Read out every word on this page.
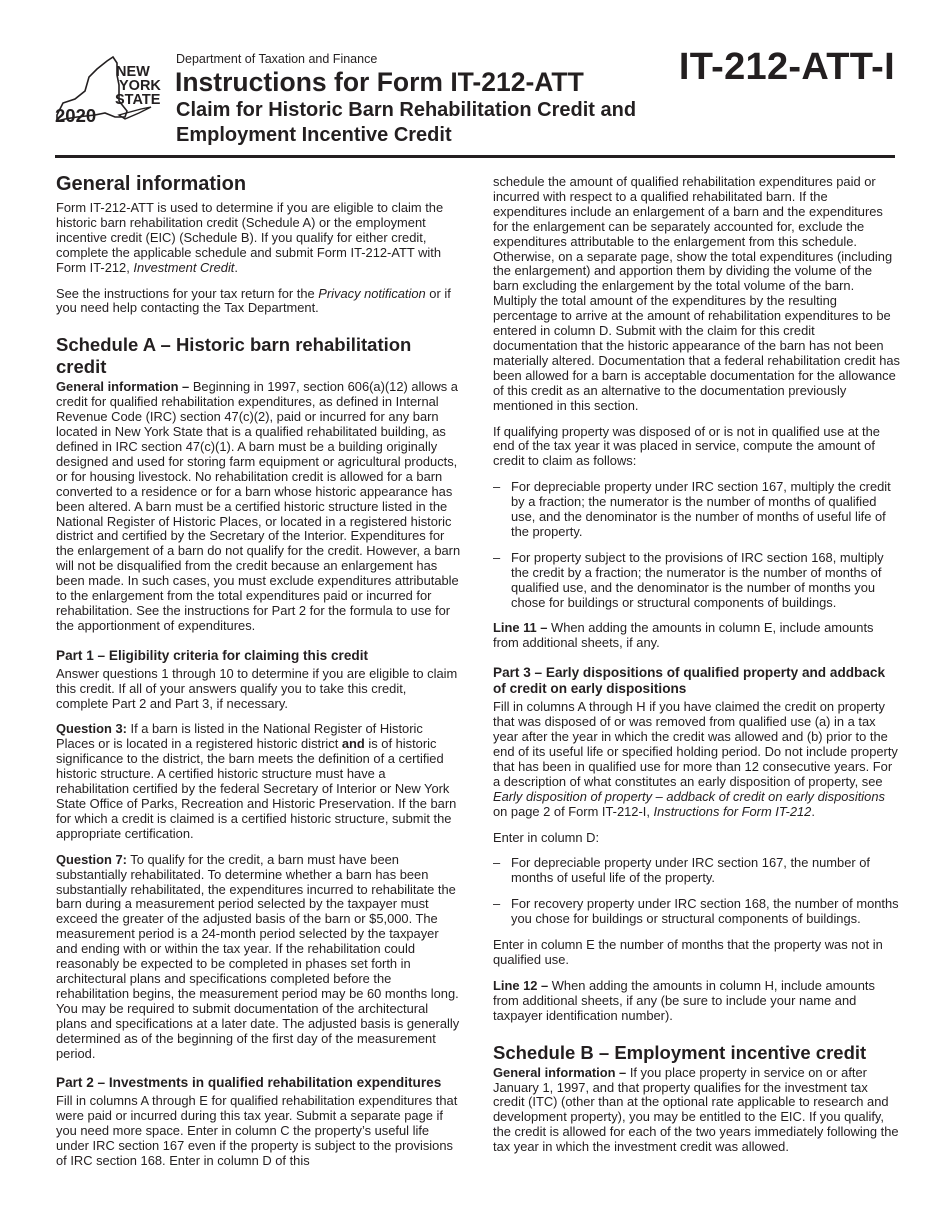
NEW
YORK
STATE
2020
Department of Taxation and Finance
Instructions for Form IT-212-ATT
Claim for Historic Barn Rehabilitation Credit and Employment Incentive Credit
IT-212-ATT-I
General information

Form IT-212-ATT is used to determine if you are eligible to claim the historic barn rehabilitation credit (Schedule A) or the employment incentive credit (EIC) (Schedule B). If you qualify for either credit, complete the applicable schedule and submit Form IT-212-ATT with Form IT-212, Investment Credit.

See the instructions for your tax return for the Privacy notification or if you need help contacting the Tax Department.

Schedule A – Historic barn rehabilitation credit

General information – Beginning in 1997, section 606(a)(12) allows a credit for qualified rehabilitation expenditures, as defined in Internal Revenue Code (IRC) section 47(c)(2), paid or incurred for any barn located in New York State that is a qualified rehabilitated building, as defined in IRC section 47(c)(1). A barn must be a building originally designed and used for storing farm equipment or agricultural products, or for housing livestock. No rehabilitation credit is allowed for a barn converted to a residence or for a barn whose historic appearance has been altered. A barn must be a certified historic structure listed in the National Register of Historic Places, or located in a registered historic district and certified by the Secretary of the Interior. Expenditures for the enlargement of a barn do not qualify for the credit. However, a barn will not be disqualified from the credit because an enlargement has been made. In such cases, you must exclude expenditures attributable to the enlargement from the total expenditures paid or incurred for rehabilitation. See the instructions for Part 2 for the formula to use for the apportionment of expenditures.

Part 1 – Eligibility criteria for claiming this credit

Answer questions 1 through 10 to determine if you are eligible to claim this credit. If all of your answers qualify you to take this credit, complete Part 2 and Part 3, if necessary.

Question 3: If a barn is listed in the National Register of Historic Places or is located in a registered historic district and is of historic significance to the district, the barn meets the definition of a certified historic structure. A certified historic structure must have a rehabilitation certified by the federal Secretary of Interior or New York State Office of Parks, Recreation and Historic Preservation. If the barn for which a credit is claimed is a certified historic structure, submit the appropriate certification.

Question 7: To qualify for the credit, a barn must have been substantially rehabilitated. To determine whether a barn has been substantially rehabilitated, the expenditures incurred to rehabilitate the barn during a measurement period selected by the taxpayer must exceed the greater of the adjusted basis of the barn or $5,000. The measurement period is a 24-month period selected by the taxpayer and ending with or within the tax year. If the rehabilitation could reasonably be expected to be completed in phases set forth in architectural plans and specifications completed before the rehabilitation begins, the measurement period may be 60 months long. You may be required to submit documentation of the architectural plans and specifications at a later date. The adjusted basis is generally determined as of the beginning of the first day of the measurement period.

Part 2 – Investments in qualified rehabilitation expenditures

Fill in columns A through E for qualified rehabilitation expenditures that were paid or incurred during this tax year. Submit a separate page if you need more space. Enter in column C the property’s useful life under IRC section 167 even if the property is subject to the provisions of IRC section 168. Enter in column D of this

schedule the amount of qualified rehabilitation expenditures paid or incurred with respect to a qualified rehabilitated barn. If the expenditures include an enlargement of a barn and the expenditures for the enlargement can be separately accounted for, exclude the expenditures attributable to the enlargement from this schedule. Otherwise, on a separate page, show the total expenditures (including the enlargement) and apportion them by dividing the volume of the barn excluding the enlargement by the total volume of the barn. Multiply the total amount of the expenditures by the resulting percentage to arrive at the amount of rehabilitation expenditures to be entered in column D. Submit with the claim for this credit documentation that the historic appearance of the barn has not been materially altered. Documentation that a federal rehabilitation credit has been allowed for a barn is acceptable documentation for the allowance of this credit as an alternative to the documentation previously mentioned in this section.

If qualifying property was disposed of or is not in qualified use at the end of the tax year it was placed in service, compute the amount of credit to claim as follows:

– For depreciable property under IRC section 167, multiply the credit by a fraction; the numerator is the number of months of qualified use, and the denominator is the number of months of useful life of the property.
– For property subject to the provisions of IRC section 168, multiply the credit by a fraction; the numerator is the number of months of qualified use, and the denominator is the number of months you chose for buildings or structural components of buildings.

Line 11 – When adding the amounts in column E, include amounts from additional sheets, if any.

Part 3 – Early dispositions of qualified property and addback of credit on early dispositions

Fill in columns A through H if you have claimed the credit on property that was disposed of or was removed from qualified use (a) in a tax year after the year in which the credit was allowed and (b) prior to the end of its useful life or specified holding period. Do not include property that has been in qualified use for more than 12 consecutive years. For a description of what constitutes an early disposition of property, see Early disposition of property – addback of credit on early dispositions on page 2 of Form IT-212-I, Instructions for Form IT-212.

Enter in column D:

– For depreciable property under IRC section 167, the number of months of useful life of the property.
– For recovery property under IRC section 168, the number of months you chose for buildings or structural components of buildings.

Enter in column E the number of months that the property was not in qualified use.

Line 12 – When adding the amounts in column H, include amounts from additional sheets, if any (be sure to include your name and taxpayer identification number).

Schedule B – Employment incentive credit

General information – If you place property in service on or after January 1, 1997, and that property qualifies for the investment tax credit (ITC) (other than at the optional rate applicable to research and development property), you may be entitled to the EIC. If you qualify, the credit is allowed for each of the two years immediately following the tax year in which the investment credit was allowed.
